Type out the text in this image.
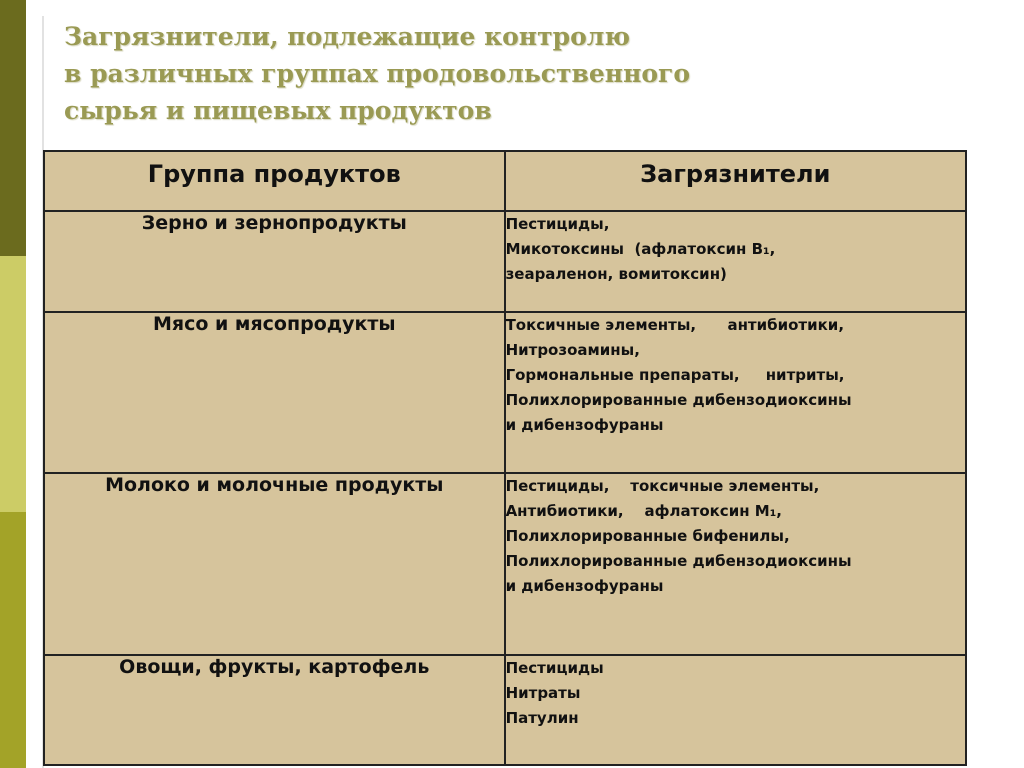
Загрязнители, подлежащие контролю
в различных группах продовольственного
сырья и пищевых продуктов
Группа продуктов	Загрязнители
Зерно и зернопродукты	Пестициды,
Микотоксины  (афлатоксин В₁,
зеараленон, вомитоксин)

Мясо и мясопродукты	Токсичные элементы,      антибиотики,
Нитрозоамины,
Гормональные препараты,     нитриты,
Полихлорированные дибензодиоксины
и дибензофураны

Молоко и молочные продукты	Пестициды,    токсичные элементы,
Антибиотики,    афлатоксин М₁,
Полихлорированные бифенилы,
Полихлорированные дибензодиоксины
и дибензофураны

Овощи, фрукты, картофель	Пестициды
Нитраты
Патулин
